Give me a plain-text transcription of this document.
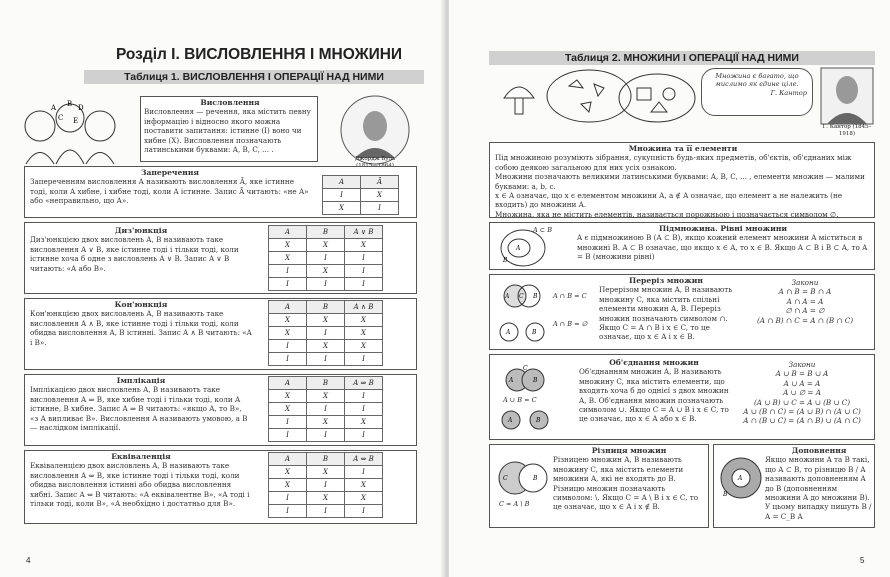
Розділ I. ВИСЛОВЛЕННЯ І МНОЖИНИ
Таблиця 1. ВИСЛОВЛЕННЯ І ОПЕРАЦІЇ НАД НИМИ
A B
C
D
E
Висловлення

Висловлення — речення, яка містить певну інформацію і відносно якого можна поставити запитання: істинне (І) воно чи хибне (Х). Висловлення позначають латинськими буквами: A, B, C, ... .

Джордж Буль
Заперечення

Запереченням висловлення A називають висловлення Ā, яке істинне тоді, коли A хибне, і хибне тоді, коли A істинне. Запис Ā читають: «не A» або «неправильно, що A».

A	Ā
І	Х
Х	І
Диз'юнкція

Диз'юнкцією двох висловлень A, B називають таке висловлення A ∨ B, яке істинне тоді і тільки тоді, коли істинне хоча б одне з висловлень A ∨ B. Запис A ∨ B читають: «A або B».

A	B	A ∨ B
Х	Х	Х
Х	І	І
І	Х	І
І	І	І
Кон'юнкція

Кон'юнкцією двох висловлень A, B називають таке висловлення A ∧ B, яке істинне тоді і тільки тоді, коли обидва висловлення A, B істинні. Запис A ∧ B читають: «A і B».

A	B	A ∧ B
Х	Х	Х
Х	І	Х
І	Х	Х
І	І	І
Імплікація

Імплікацією двох висловлень A, B називають таке висловлення A ⇒ B, яке хибне тоді і тільки тоді, коли A істинне, B хибне. Запис A ⇒ B читають: «якщо A, то B», «з A випливає B». Висловлення A називають умовою, а B — наслідком імплікації.

A	B	A ⇒ B
Х	Х	І
Х	І	І
І	Х	Х
І	І	І
Еквіваленція

Еквіваленцією двох висловлень A, B називають таке висловлення A ⇔ B, яке істинне тоді і тільки тоді, коли обидва висловлення істинні або обидва висловлення хибні. Запис A ⇔ B читають: «A еквівалентне B», «A тоді і тільки тоді, коли B», «A необхідно і достатньо для B».

A	B	A ⇔ B
Х	Х	І
Х	І	Х
І	Х	Х
І	І	І
4
Таблиця 2. МНОЖИНИ І ОПЕРАЦІЇ НАД НИМИ

Множина є багато, що мислимо як єдине ціле.

Г. Кантор

Г. Кантор (1845–1918)
Множина та її елементи

Під множиною розуміють зібрання, сукупність будь-яких предметів, об'єктів, об'єднаних між собою деякою загальною для них усіх ознакою.

Множини позначають великими латинськими буквами: A, B, C, ... , елементи множин — малими буквами: a, b, c.

x ∈ A означає, що x є елементом множини A, a ∉ A означає, що елемент a не належить (не входить) до множини A.

Множина, яка не містить елементів, називається порожньою і позначається символом ∅.

A
B
A ⊂ B	Підмножина. Рівні множини

A є підмножиною B (A ⊂ B), якщо кожний елемент множини A міститься в множині B. A ⊂ B означає, що якщо x ∈ A, то x ∈ B. Якщо A ⊂ B і B ⊂ A, то A = B (множини рівні)

A C B
A	B
A ∩ B = C
A ∩ B = ∅
Переріз множин

Перерізом множин A, B називають множину C, яка містить спільні елементи множин A, B. Переріз множин позначають символом ∩. Якщо C = A ∩ B і x ∈ C, то це означає, що x ∈ A і x ∈ B.

Закони
A ∩ B = B ∩ A
A ∩ A = A
∅ ∩ A = ∅
(A ∩ B) ∩ C = A ∩ (B ∩ C)
A	B
C
A	B
A ∪ B = C
Об'єднання множин

Об'єднанням множин A, B називають множину C, яка містить елементи, що входять хоча б до однієї з двох множин A, B. Об'єднання множин позначають символом ∪. Якщо C = A ∪ B і x ∈ C, то це означає, що x ∈ A або x ∈ B.

Закони
A ∪ B = B ∪ A
A ∪ A = A
A ∪ ∅ = A
(A ∪ B) ∪ C = A ∪ (B ∪ C)
A ∪ (B ∩ C) = (A ∪ B) ∩ (A ∪ C)
A ∩ (B ∪ C) = (A ∩ B) ∪ (A ∩ C)
C	B
C = A \ B
Різниця множин

Різницею множин A, B називають множину C, яка містить елементи множини A, які не входять до B. Різницю множин позначають символом: \. Якщо C = A \ B і x ∈ C, то це означає, що x ∈ A і x ∉ B.

A
B
Доповнення

Якщо множини A та B такі, що A ⊂ B, то різницю B / A називають доповненням A до B (доповненням множини A до множини B). У цьому випадку пишуть B / A = C_B A

5
